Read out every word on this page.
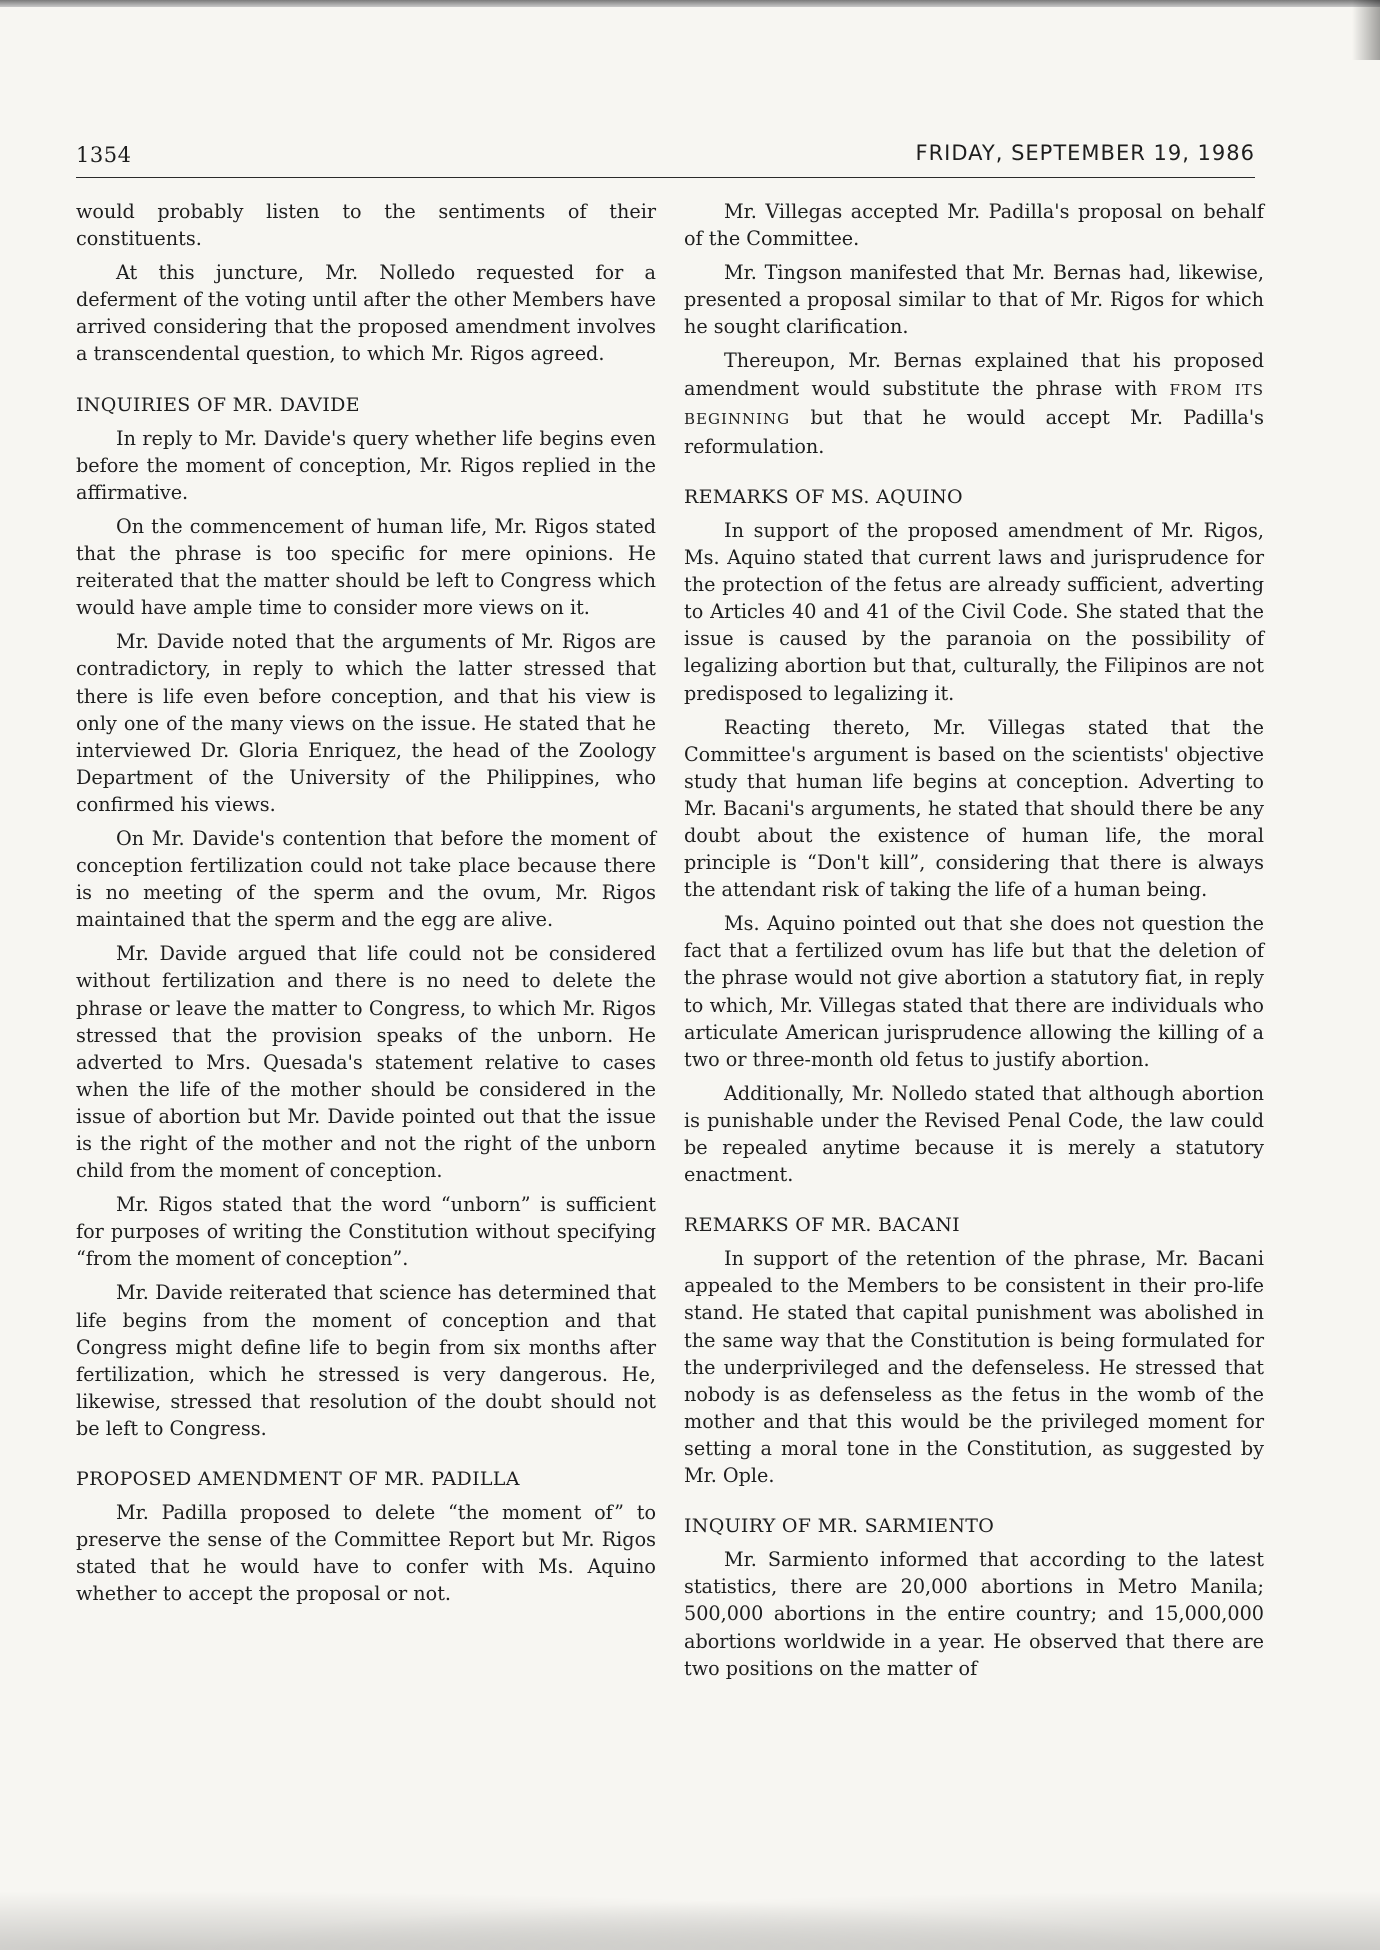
1354	FRIDAY, SEPTEMBER 19, 1986

would probably listen to the sentiments of their constituents.

At this juncture, Mr. Nolledo requested for a deferment of the voting until after the other Members have arrived considering that the proposed amendment involves a transcendental question, to which Mr. Rigos agreed.

INQUIRIES OF MR. DAVIDE

In reply to Mr. Davide's query whether life begins even before the moment of conception, Mr. Rigos replied in the affirmative.

On the commencement of human life, Mr. Rigos stated that the phrase is too specific for mere opinions. He reiterated that the matter should be left to Congress which would have ample time to consider more views on it.

Mr. Davide noted that the arguments of Mr. Rigos are contradictory, in reply to which the latter stressed that there is life even before conception, and that his view is only one of the many views on the issue. He stated that he interviewed Dr. Gloria Enriquez, the head of the Zoology Department of the University of the Philippines, who confirmed his views.

On Mr. Davide's contention that before the moment of conception fertilization could not take place because there is no meeting of the sperm and the ovum, Mr. Rigos maintained that the sperm and the egg are alive.

Mr. Davide argued that life could not be considered without fertilization and there is no need to delete the phrase or leave the matter to Congress, to which Mr. Rigos stressed that the provision speaks of the unborn. He adverted to Mrs. Quesada's statement relative to cases when the life of the mother should be considered in the issue of abortion but Mr. Davide pointed out that the issue is the right of the mother and not the right of the unborn child from the moment of conception.

Mr. Rigos stated that the word “unborn” is sufficient for purposes of writing the Constitution without specifying “from the moment of conception”.

Mr. Davide reiterated that science has determined that life begins from the moment of conception and that Congress might define life to begin from six months after fertilization, which he stressed is very dangerous. He, likewise, stressed that resolution of the doubt should not be left to Congress.

PROPOSED AMENDMENT OF MR. PADILLA

Mr. Padilla proposed to delete “the moment of” to preserve the sense of the Committee Report but Mr. Rigos stated that he would have to confer with Ms. Aquino whether to accept the proposal or not.

Mr. Villegas accepted Mr. Padilla's proposal on behalf of the Committee.

Mr. Tingson manifested that Mr. Bernas had, likewise, presented a proposal similar to that of Mr. Rigos for which he sought clarification.

Thereupon, Mr. Bernas explained that his proposed amendment would substitute the phrase with FROM ITS BEGINNING but that he would accept Mr. Padilla's reformulation.

REMARKS OF MS. AQUINO

In support of the proposed amendment of Mr. Rigos, Ms. Aquino stated that current laws and jurisprudence for the protection of the fetus are already sufficient, adverting to Articles 40 and 41 of the Civil Code. She stated that the issue is caused by the paranoia on the possibility of legalizing abortion but that, culturally, the Filipinos are not predisposed to legalizing it.

Reacting thereto, Mr. Villegas stated that the Committee's argument is based on the scientists' objective study that human life begins at conception. Adverting to Mr. Bacani's arguments, he stated that should there be any doubt about the existence of human life, the moral principle is “Don't kill”, considering that there is always the attendant risk of taking the life of a human being.

Ms. Aquino pointed out that she does not question the fact that a fertilized ovum has life but that the deletion of the phrase would not give abortion a statutory fiat, in reply to which, Mr. Villegas stated that there are individuals who articulate American jurisprudence allowing the killing of a two or three-month old fetus to justify abortion.

Additionally, Mr. Nolledo stated that although abortion is punishable under the Revised Penal Code, the law could be repealed anytime because it is merely a statutory enactment.

REMARKS OF MR. BACANI

In support of the retention of the phrase, Mr. Bacani appealed to the Members to be consistent in their pro-life stand. He stated that capital punishment was abolished in the same way that the Constitution is being formulated for the underprivileged and the defenseless. He stressed that nobody is as defenseless as the fetus in the womb of the mother and that this would be the privileged moment for setting a moral tone in the Constitution, as suggested by Mr. Ople.

INQUIRY OF MR. SARMIENTO

Mr. Sarmiento informed that according to the latest statistics, there are 20,000 abortions in Metro Manila; 500,000 abortions in the entire country; and 15,000,000 abortions worldwide in a year. He observed that there are two positions on the matter of
